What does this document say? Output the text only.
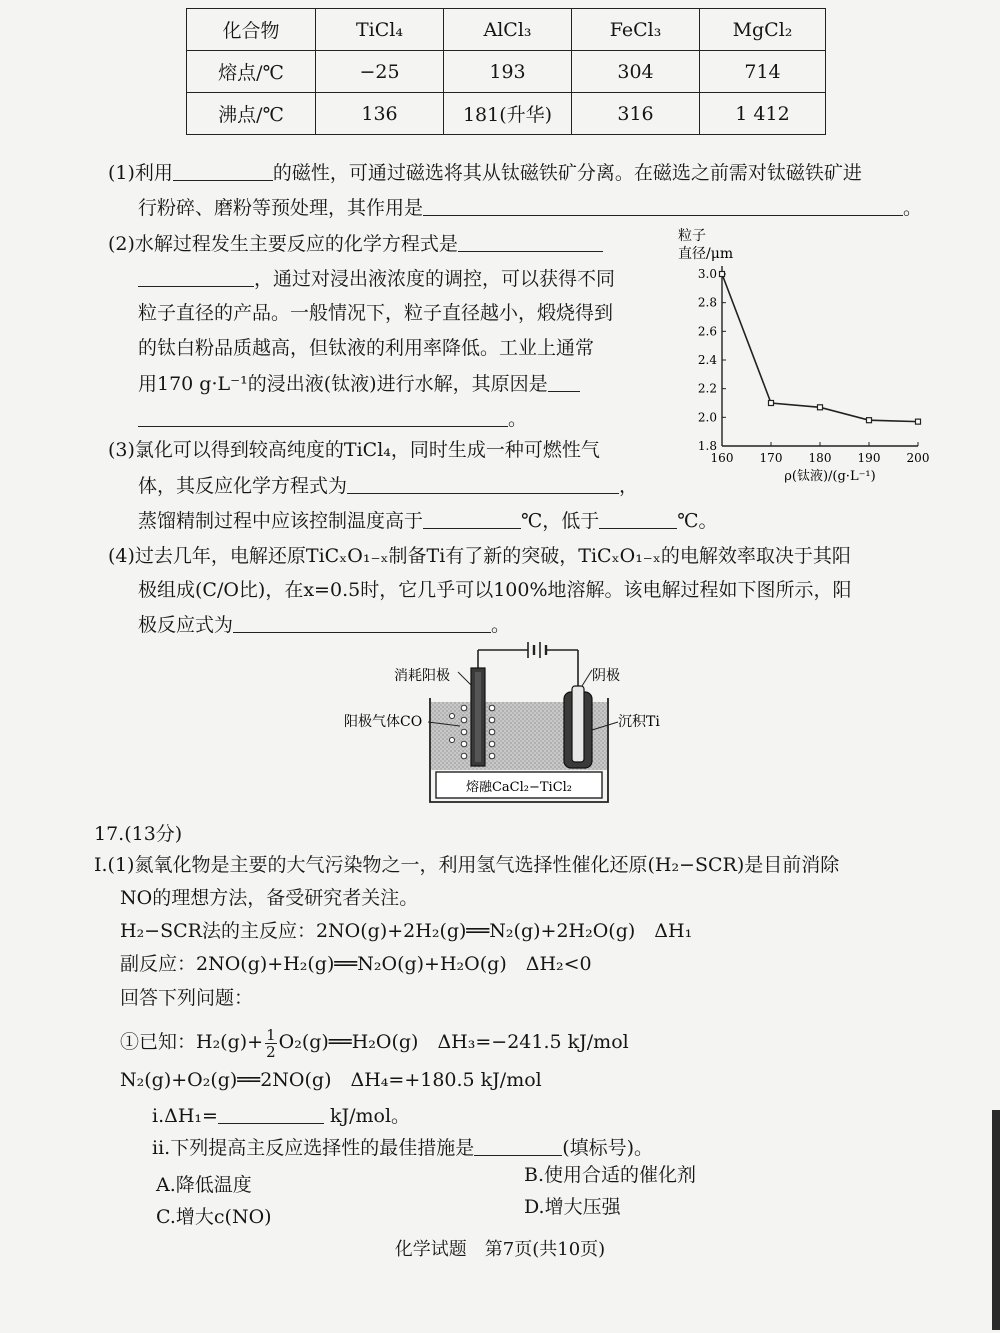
化合物	TiCl₄	AlCl₃	FeCl₃	MgCl₂
熔点/℃	−25	193	304	714
沸点/℃	136	181(升华)	316	1 412
(1)利用	的磁性，可通过磁选将其从钛磁铁矿分离。在磁选之前需对钛磁铁矿进
行粉碎、磨粉等预处理，其作用是	。
(2)水解过程发生主要反应的化学方程式是
，通过对浸出液浓度的调控，可以获得不同
粒子直径的产品。一般情况下，粒子直径越小，煅烧得到
的钛白粉品质越高，但钛液的利用率降低。工业上通常
用170 g·L⁻¹的浸出液(钛液)进行水解，其原因是
。
粒子
直径/μm
1.8
2.0
2.2
2.4
2.6
2.8
3.0
160 170 180 190 200
ρ(钛液)/(g·L⁻¹)
(3)氯化可以得到较高纯度的TiCl₄，同时生成一种可燃性气
体，其反应化学方程式为	，
蒸馏精制过程中应该控制温度高于	℃，低于	℃。
(4)过去几年，电解还原TiCₓO₁₋ₓ制备Ti有了新的突破，TiCₓO₁₋ₓ的电解效率取决于其阳
极组成(C/O比)，在x=0.5时，它几乎可以100%地溶解。该电解过程如下图所示，阳
极反应式为	。
消耗阳极	阴极
阳极气体CO	沉积Ti
熔融CaCl₂−TiCl₂
17.(13分)
Ⅰ.(1)氮氧化物是主要的大气污染物之一，利用氢气选择性催化还原(H₂−SCR)是目前消除
NO的理想方法，备受研究者关注。
H₂−SCR法的主反应：2NO(g)+2H₂(g)══N₂(g)+2H₂O(g)　ΔH₁
副反应：2NO(g)+H₂(g)══N₂O(g)+H₂O(g)　ΔH₂<0
回答下列问题：
①已知：$H_2(g)+ \frac{1}{2}$ O₂(g)══H₂O(g)　ΔH₃=−241.5 kJ/mol
N₂(g)+O₂(g)══2NO(g)　ΔH₄=+180.5 kJ/mol
ⅰ.ΔH₁=	kJ/mol。
ⅱ.下列提高主反应选择性的最佳措施是	(填标号)。
A.降低温度	B.使用合适的催化剂
C.增大c(NO)	D.增大压强
化学试题　第7页(共10页)
